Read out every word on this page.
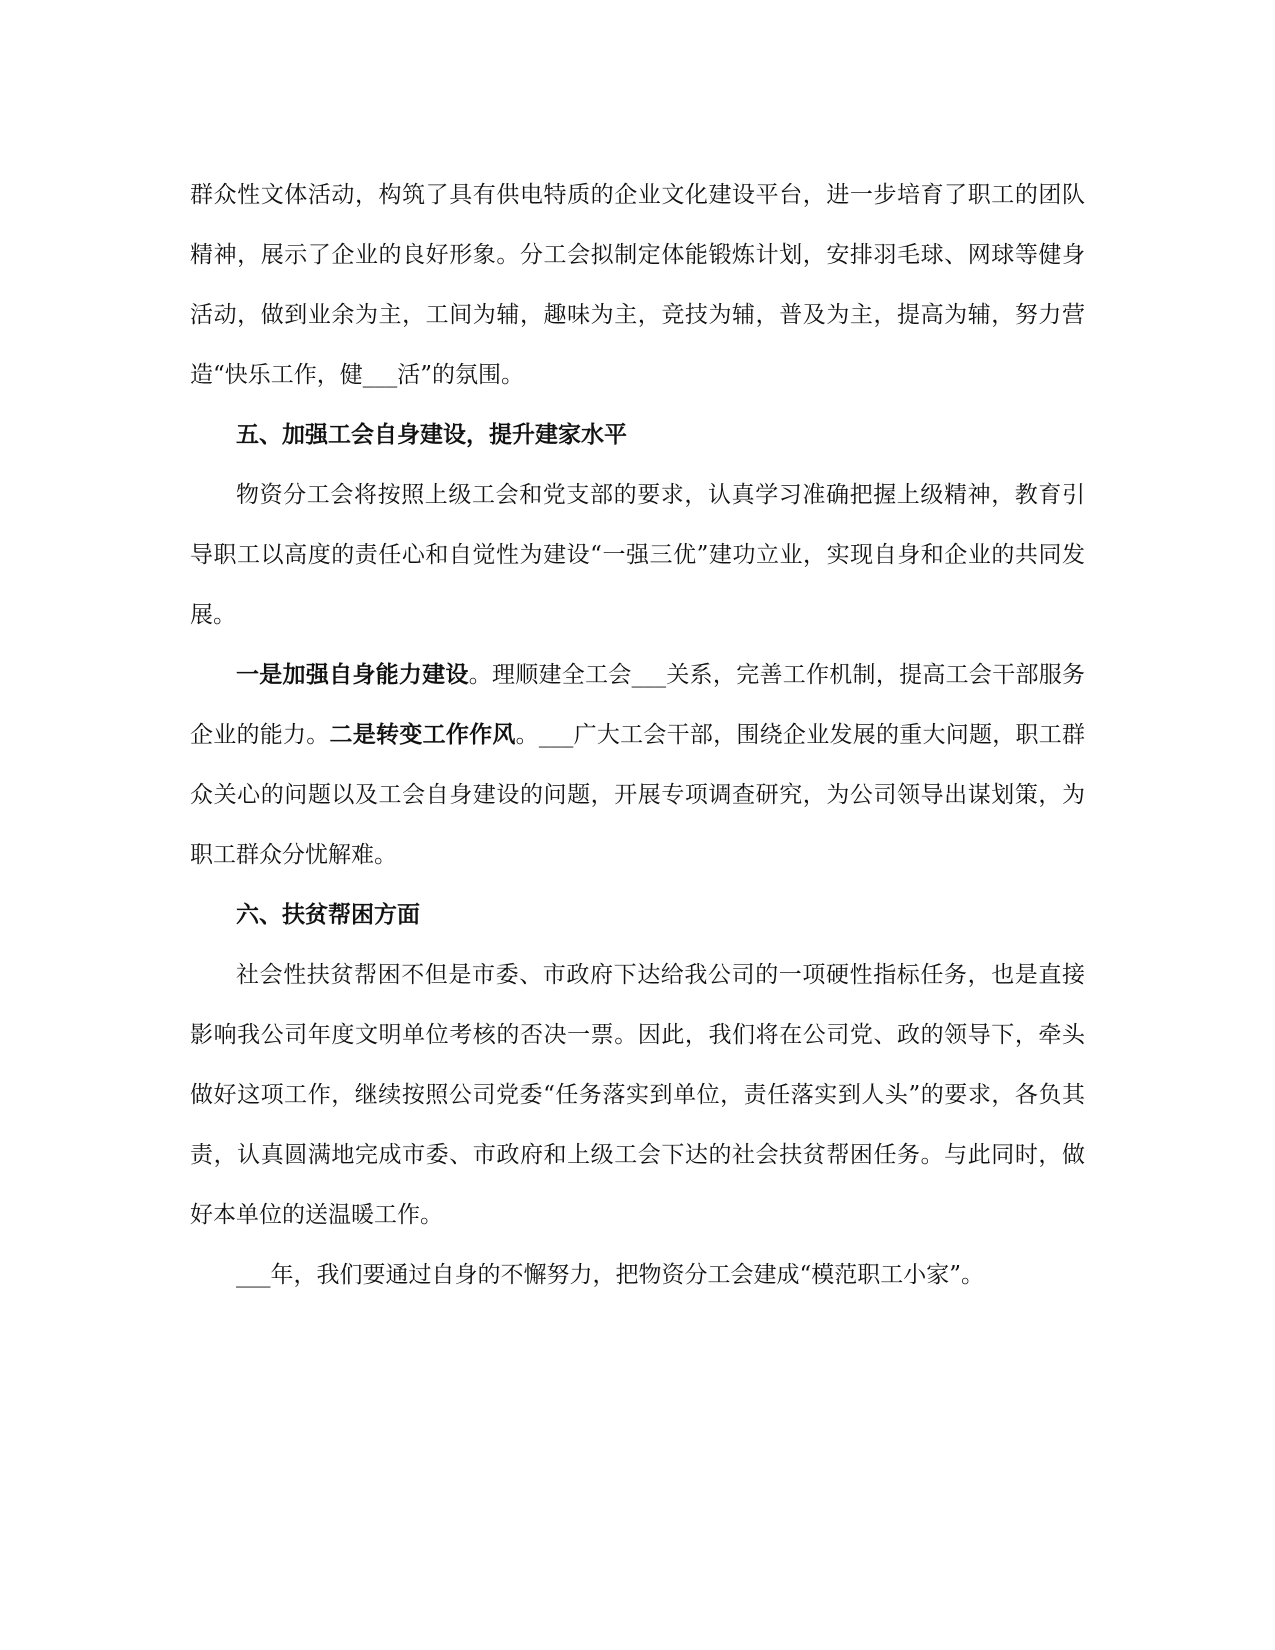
群众性文体活动，构筑了具有供电特质的企业文化建设平台，进一步培育了职工的团队精神，展示了企业的良好形象。分工会拟制定体能锻炼计划，安排羽毛球、网球等健身活动，做到业余为主，工间为辅，趣味为主，竞技为辅，普及为主，提高为辅，努力营造“快乐工作，健___活”的氛围。

五、加强工会自身建设，提升建家水平

物资分工会将按照上级工会和党支部的要求，认真学习准确把握上级精神，教育引导职工以高度的责任心和自觉性为建设“一强三优”建功立业，实现自身和企业的共同发展。

一是加强自身能力建设。理顺建全工会___关系，完善工作机制，提高工会干部服务企业的能力。二是转变工作作风。___广大工会干部，围绕企业发展的重大问题，职工群众关心的问题以及工会自身建设的问题，开展专项调查研究，为公司领导出谋划策，为职工群众分忧解难。

六、扶贫帮困方面

社会性扶贫帮困不但是市委、市政府下达给我公司的一项硬性指标任务，也是直接影响我公司年度文明单位考核的否决一票。因此，我们将在公司党、政的领导下，牵头做好这项工作，继续按照公司党委“任务落实到单位，责任落实到人头”的要求，各负其责，认真圆满地完成市委、市政府和上级工会下达的社会扶贫帮困任务。与此同时，做好本单位的送温暖工作。

___年，我们要通过自身的不懈努力，把物资分工会建成“模范职工小家”。
